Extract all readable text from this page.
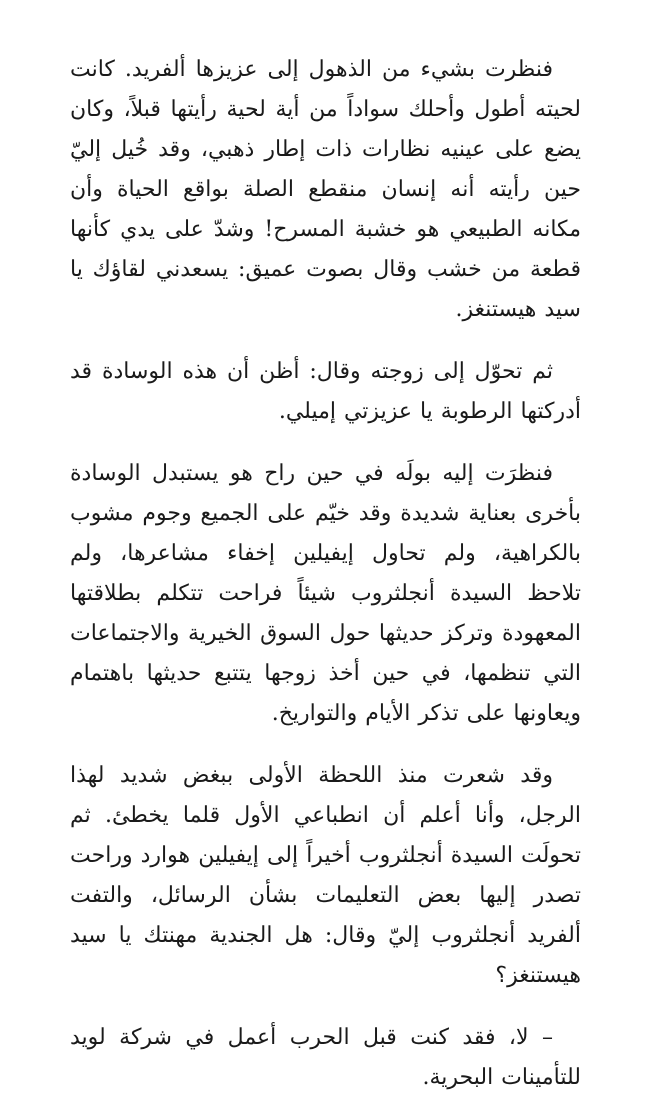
فنظرت بشيء من الذهول إلى عزيزها ألفريد. كانت لحيته أطول وأحلك سواداً من أية لحية رأيتها قبلاً، وكان يضع على عينيه نظارات ذات إطار ذهبي، وقد خُيل إليّ حين رأيته أنه إنسان منقطع الصلة بواقع الحياة وأن مكانه الطبيعي هو خشبة المسرح! وشدّ على يدي كأنها قطعة من خشب وقال بصوت عميق: يسعدني لقاؤك يا سيد هيستنغز.

ثم تحوّل إلى زوجته وقال: أظن أن هذه الوسادة قد أدركتها الرطوبة يا عزيزتي إميلي.

فنظرَت إليه بولَه في حين راح هو يستبدل الوسادة بأخرى بعناية شديدة وقد خيّم على الجميع وجوم مشوب بالكراهية، ولم تحاول إيفيلين إخفاء مشاعرها، ولم تلاحظ السيدة أنجلثروب شيئاً فراحت تتكلم بطلاقتها المعهودة وتركز حديثها حول السوق الخيرية والاجتماعات التي تنظمها، في حين أخذ زوجها يتتبع حديثها باهتمام ويعاونها على تذكر الأيام والتواريخ.

وقد شعرت منذ اللحظة الأولى ببغض شديد لهذا الرجل، وأنا أعلم أن انطباعي الأول قلما يخطئ. ثم تحولَت السيدة أنجلثروب أخيراً إلى إيفيلين هوارد وراحت تصدر إليها بعض التعليمات بشأن الرسائل، والتفت ألفريد أنجلثروب إليّ وقال: هل الجندية مهنتك يا سيد هيستنغز؟

– لا، فقد كنت قبل الحرب أعمل في شركة لويد للتأمينات البحرية.
